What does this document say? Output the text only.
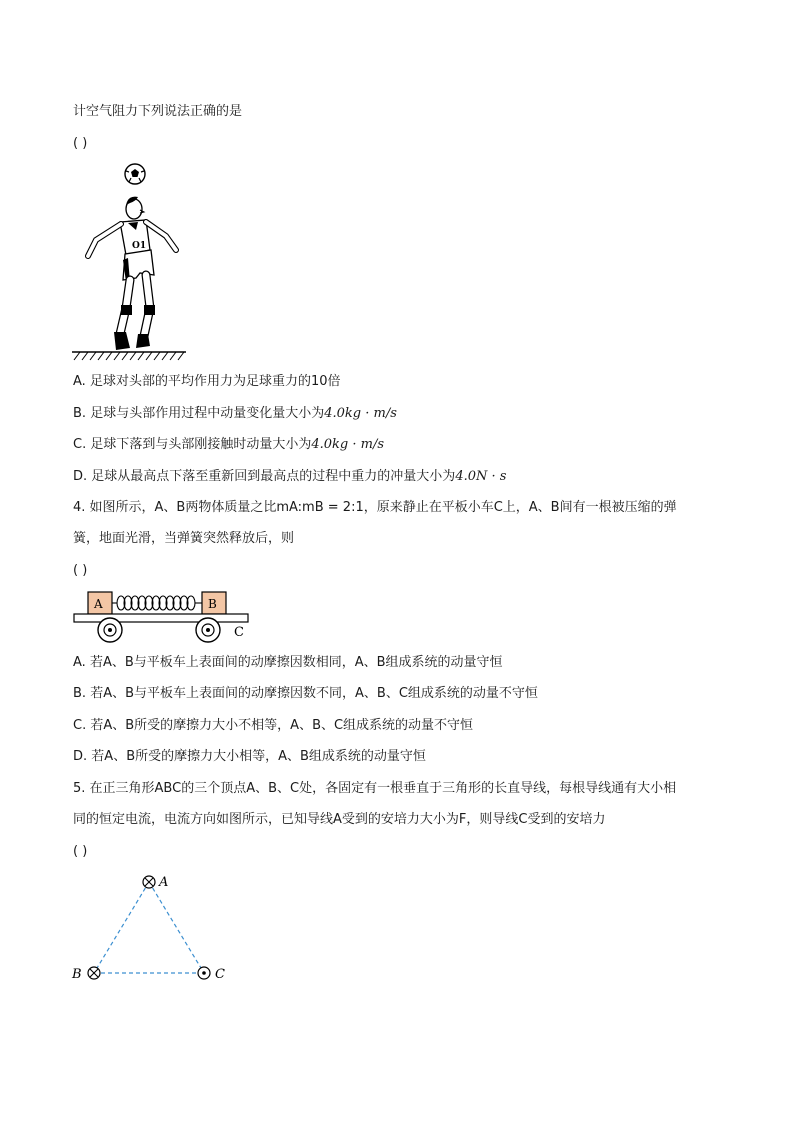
计空气阻力下列说法正确的是
( )
O1
A. 足球对头部的平均作用力为足球重力的10倍
B. 足球与头部作用过程中动量变化量大小为4.0kg · m/s
C. 足球下落到与头部刚接触时动量大小为4.0kg · m/s
D. 足球从最高点下落至重新回到最高点的过程中重力的冲量大小为4.0N · s
4. 如图所示，A、B两物体质量之比mA:mB = 2:1，原来静止在平板小车C上，A、B间有一根被压缩的弹
簧，地面光滑，当弹簧突然释放后，则
( )
A	B
C
A. 若A、B与平板车上表面间的动摩擦因数相同，A、B组成系统的动量守恒
B. 若A、B与平板车上表面间的动摩擦因数不同，A、B、C组成系统的动量不守恒
C. 若A、B所受的摩擦力大小不相等，A、B、C组成系统的动量不守恒
D. 若A、B所受的摩擦力大小相等，A、B组成系统的动量守恒
5. 在正三角形ABC的三个顶点A、B、C处，各固定有一根垂直于三角形的长直导线，每根导线通有大小相
同的恒定电流，电流方向如图所示，已知导线A受到的安培力大小为F，则导线C受到的安培力
( )
A
B	C
